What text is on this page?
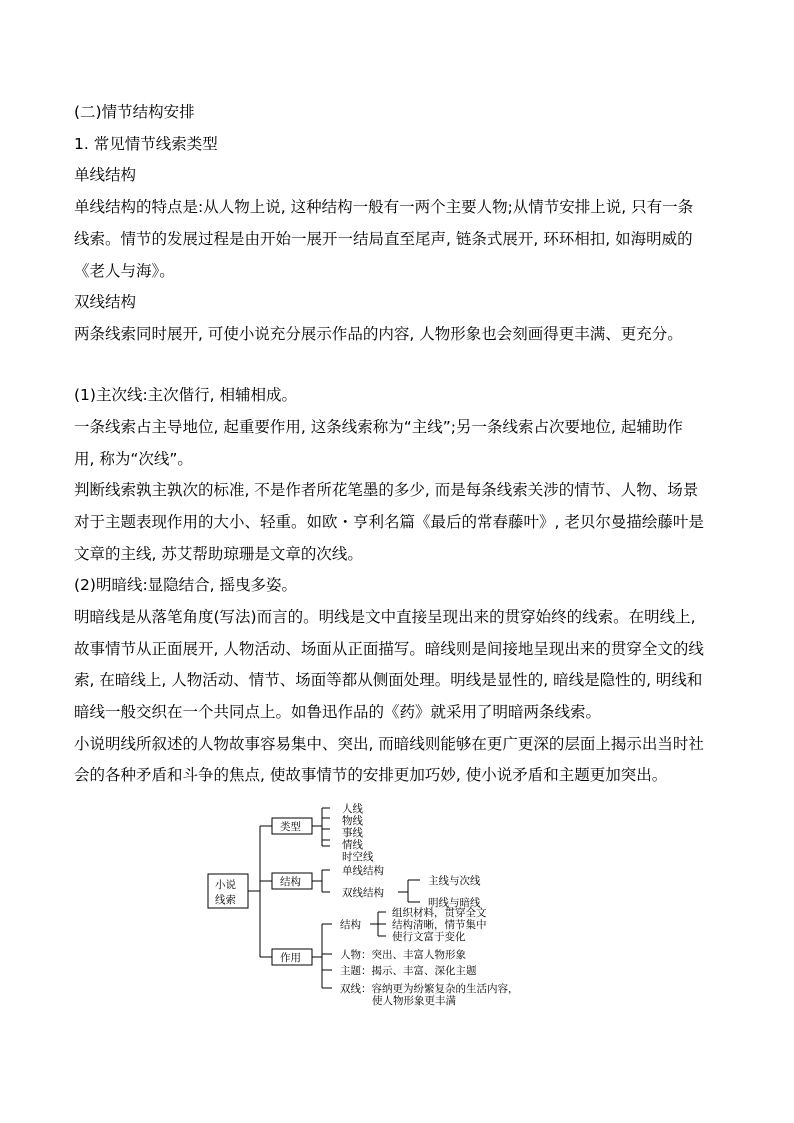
(二)情节结构安排
1. 常见情节线索类型
单线结构
单线结构的特点是:从人物上说, 这种结构一般有一两个主要人物;从情节安排上说, 只有一条
线索。情节的发展过程是由开始一展开一结局直至尾声, 链条式展开, 环环相扣, 如海明威的
《老人与海》。
双线结构
两条线索同时展开, 可使小说充分展示作品的内容, 人物形象也会刻画得更丰满、更充分。
(1)主次线:主次偕行, 相辅相成。
一条线索占主导地位, 起重要作用, 这条线索称为“主线”;另一条线索占次要地位, 起辅助作
用, 称为“次线”。
判断线索孰主孰次的标准, 不是作者所花笔墨的多少, 而是每条线索关涉的情节、人物、场景
对于主题表现作用的大小、轻重。如欧・亨利名篇《最后的常春藤叶》, 老贝尔曼描绘藤叶是
文章的主线, 苏艾帮助琼珊是文章的次线。
(2)明暗线:显隐结合, 摇曳多姿。
明暗线是从落笔角度(写法)而言的。明线是文中直接呈现出来的贯穿始终的线索。在明线上,
故事情节从正面展开, 人物活动、场面从正面描写。暗线则是间接地呈现出来的贯穿全文的线
索, 在暗线上, 人物活动、情节、场面等都从侧面处理。明线是显性的, 暗线是隐性的, 明线和
暗线一般交织在一个共同点上。如鲁迅作品的《药》就采用了明暗两条线索。
小说明线所叙述的人物故事容易集中、突出, 而暗线则能够在更广更深的层面上揭示出当时社
会的各种矛盾和斗争的焦点, 使故事情节的安排更加巧妙, 使小说矛盾和主题更加突出。
小说
线索
类型
人线
物线
事线
情线
时空线
结构
单线结构
双线结构
主线与次线
明线与暗线
作用
结构
组织材料，贯穿全文
结构清晰，情节集中
使行文富于变化
人物：突出、丰富人物形象
主题：揭示、丰富、深化主题
双线：容纳更为纷繁复杂的生活内容，
使人物形象更丰满
